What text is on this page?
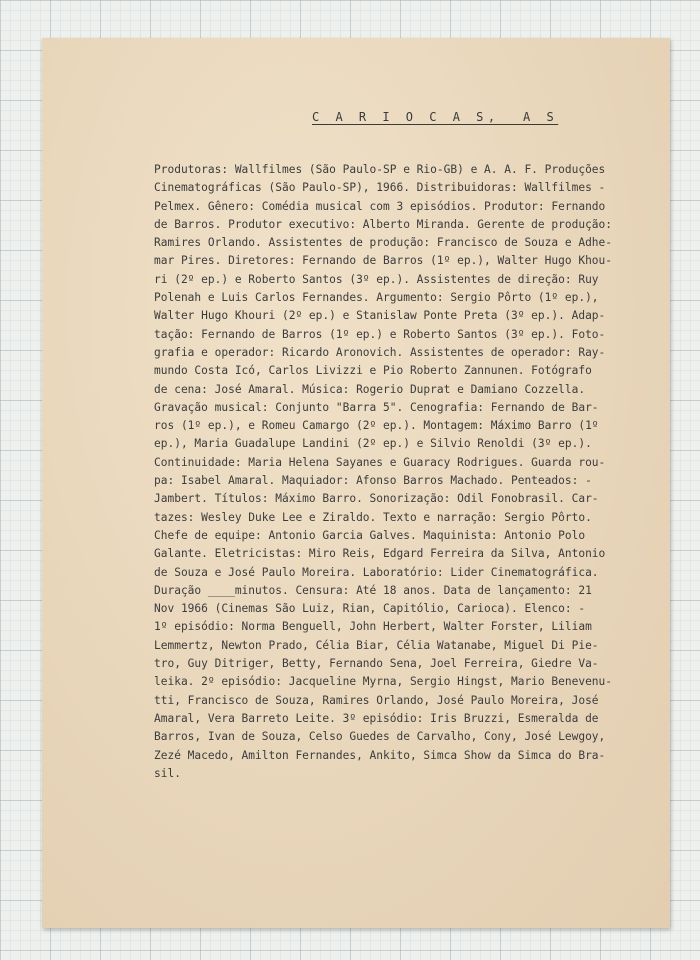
C A R I O C A S,  A S
Produtoras: Wallfilmes (São Paulo-SP e Rio-GB) e A. A. F. Produções
Cinematográficas (São Paulo-SP), 1966. Distribuidoras: Wallfilmes -
Pelmex. Gênero: Comédia musical com 3 episódios. Produtor: Fernando
de Barros. Produtor executivo: Alberto Miranda. Gerente de produção:
Ramires Orlando. Assistentes de produção: Francisco de Souza e Adhe-
mar Pires. Diretores: Fernando de Barros (1º ep.), Walter Hugo Khou-
ri (2º ep.) e Roberto Santos (3º ep.). Assistentes de direção: Ruy
Polenah e Luis Carlos Fernandes. Argumento: Sergio Pôrto (1º ep.),
Walter Hugo Khouri (2º ep.) e Stanislaw Ponte Preta (3º ep.). Adap-
tação: Fernando de Barros (1º ep.) e Roberto Santos (3º ep.). Foto-
grafia e operador: Ricardo Aronovich. Assistentes de operador: Ray-
mundo Costa Icó, Carlos Livizzi e Pio Roberto Zannunen. Fotógrafo
de cena: José Amaral. Música: Rogerio Duprat e Damiano Cozzella.
Gravação musical: Conjunto "Barra 5". Cenografia: Fernando de Bar-
ros (1º ep.), e Romeu Camargo (2º ep.). Montagem: Máximo Barro (1º
ep.), Maria Guadalupe Landini (2º ep.) e Silvio Renoldi (3º ep.).
Continuidade: Maria Helena Sayanes e Guaracy Rodrigues. Guarda rou-
pa: Isabel Amaral. Maquiador: Afonso Barros Machado. Penteados: -
Jambert. Títulos: Máximo Barro. Sonorização: Odil Fonobrasil. Car-
tazes: Wesley Duke Lee e Ziraldo. Texto e narração: Sergio Pôrto.
Chefe de equipe: Antonio Garcia Galves. Maquinista: Antonio Polo
Galante. Eletricistas: Miro Reis, Edgard Ferreira da Silva, Antonio
de Souza e José Paulo Moreira. Laboratório: Lider Cinematográfica.
Duração ____minutos. Censura: Até 18 anos. Data de lançamento: 21
Nov 1966 (Cinemas São Luiz, Rian, Capitólio, Carioca). Elenco: -
1º episódio: Norma Benguell, John Herbert, Walter Forster, Liliam
Lemmertz, Newton Prado, Célia Biar, Célia Watanabe, Miguel Di Pie-
tro, Guy Ditriger, Betty, Fernando Sena, Joel Ferreira, Giedre Va-
leika. 2º episódio: Jacqueline Myrna, Sergio Hingst, Mario Benevenu-
tti, Francisco de Souza, Ramires Orlando, José Paulo Moreira, José
Amaral, Vera Barreto Leite. 3º episódio: Iris Bruzzi, Esmeralda de
Barros, Ivan de Souza, Celso Guedes de Carvalho, Cony, José Lewgoy,
Zezé Macedo, Amilton Fernandes, Ankito, Simca Show da Simca do Bra-
sil.
